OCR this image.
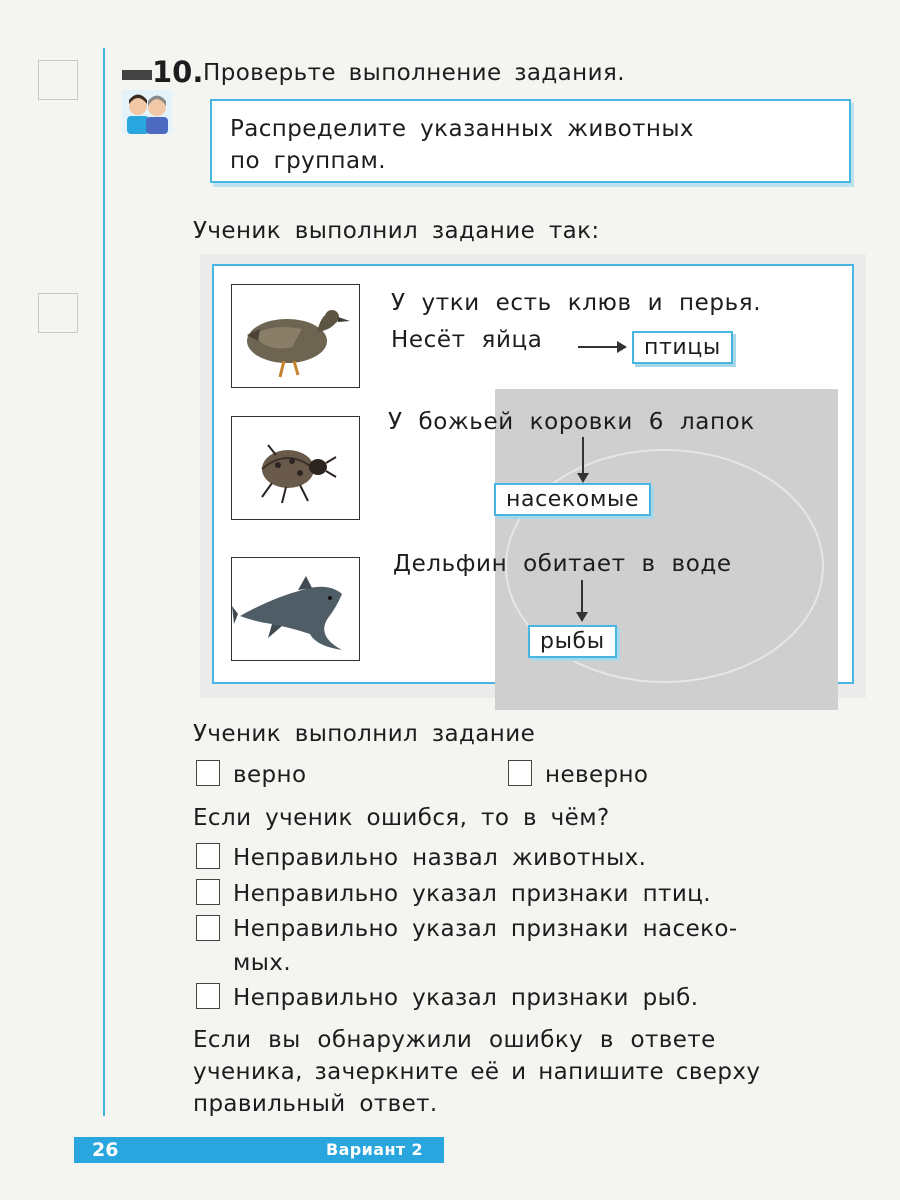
10. Проверьте выполнение задания.
Распределите указанных животных
по группам.
Ученик выполнил задание так:
У утки есть клюв и перья.
Несёт яйца	птицы
У божьей коровки 6 лапок
насекомые
Дельфин обитает в воде
рыбы
Ученик выполнил задание
верно	неверно
Если ученик ошибся, то в чём?
Неправильно назвал животных.
Неправильно указал признаки птиц.
Неправильно указал признаки насеко-
мых.
Неправильно указал признаки рыб.
Если вы обнаружили ошибку в ответе
ученика, зачеркните её и напишите сверху
правильный ответ.
26	Вариант 2
